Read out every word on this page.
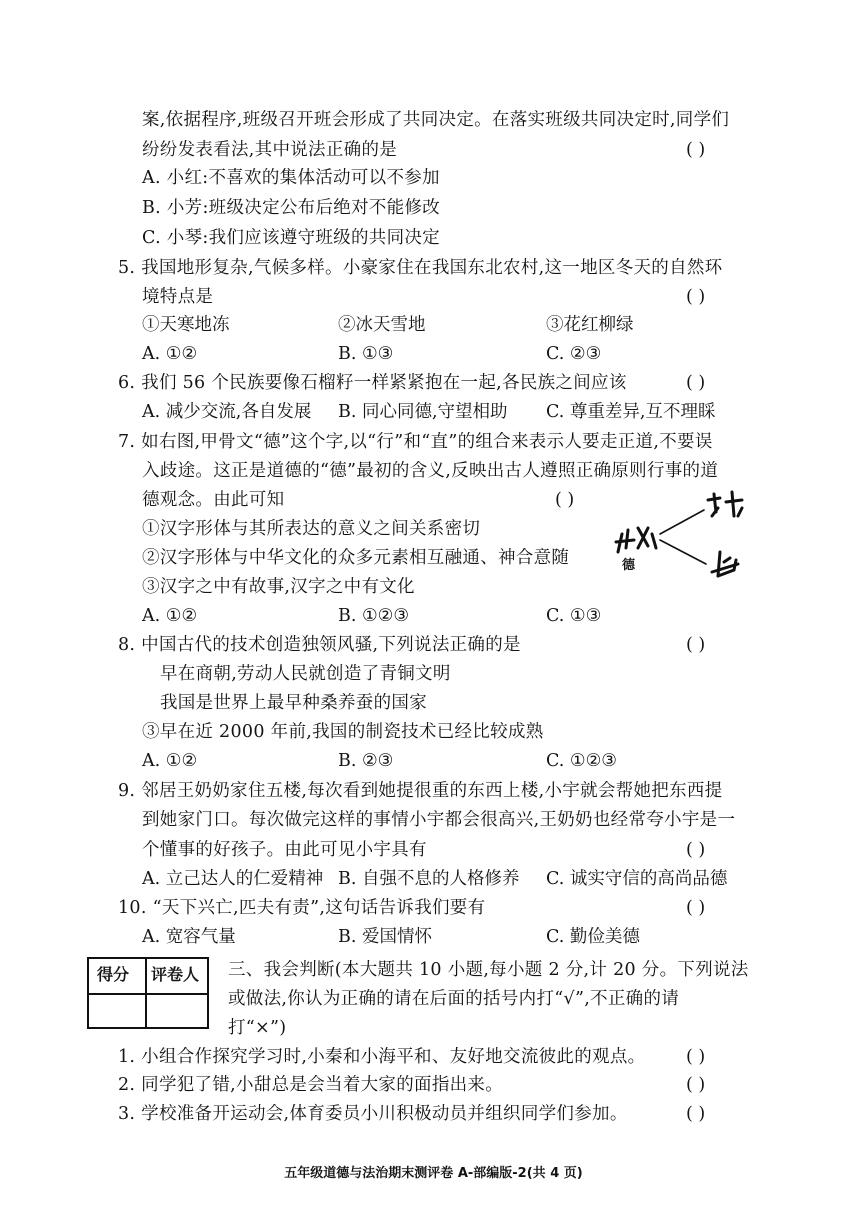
案,依据程序,班级召开班会形成了共同决定。在落实班级共同决定时,同学们
纷纷发表看法,其中说法正确的是	( )
A. 小红:不喜欢的集体活动可以不参加
B. 小芳:班级决定公布后绝对不能修改
C. 小琴:我们应该遵守班级的共同决定
5. 我国地形复杂,气候多样。小豪家住在我国东北农村,这一地区冬天的自然环
境特点是	( )
①天寒地冻	②冰天雪地	③花红柳绿
A. ①②	B. ①③	C. ②③
6. 我们 56 个民族要像石榴籽一样紧紧抱在一起,各民族之间应该	( )
A. 减少交流,各自发展 B. 同心同德,守望相助 C. 尊重差异,互不理睬
7. 如右图,甲骨文“德”这个字,以“行”和“直”的组合来表示人要走正道,不要误
入歧途。这正是道德的“德”最初的含义,反映出古人遵照正确原则行事的道
德观念。由此可知	( )
①汉字形体与其所表达的意义之间关系密切
②汉字形体与中华文化的众多元素相互融通、神合意随
③汉字之中有故事,汉字之中有文化
A. ①②	B. ①②③	C. ①③
德
8. 中国古代的技术创造独领风骚,下列说法正确的是	( )
早在商朝,劳动人民就创造了青铜文明
我国是世界上最早种桑养蚕的国家
③早在近 2000 年前,我国的制瓷技术已经比较成熟
A. ①②	B. ②③	C. ①②③
9. 邻居王奶奶家住五楼,每次看到她提很重的东西上楼,小宇就会帮她把东西提
到她家门口。每次做完这样的事情小宇都会很高兴,王奶奶也经常夸小宇是一
个懂事的好孩子。由此可见小宇具有	( )
A. 立己达人的仁爱精神 B. 自强不息的人格修养 C. 诚实守信的高尚品德
10. “天下兴亡,匹夫有责”,这句话告诉我们要有	( )
A. 宽容气量	B. 爱国情怀	C. 勤俭美德
得分 评卷人 三、我会判断(本大题共 10 小题,每小题 2 分,计 20 分。下列说法
或做法,你认为正确的请在后面的括号内打“√”,不正确的请
打“×”)
1. 小组合作探究学习时,小秦和小海平和、友好地交流彼此的观点。 ( )
2. 同学犯了错,小甜总是会当着大家的面指出来。	( )
3. 学校准备开运动会,体育委员小川积极动员并组织同学们参加。	( )
五年级道德与法治期末测评卷 A-部编版-2(共 4 页)
